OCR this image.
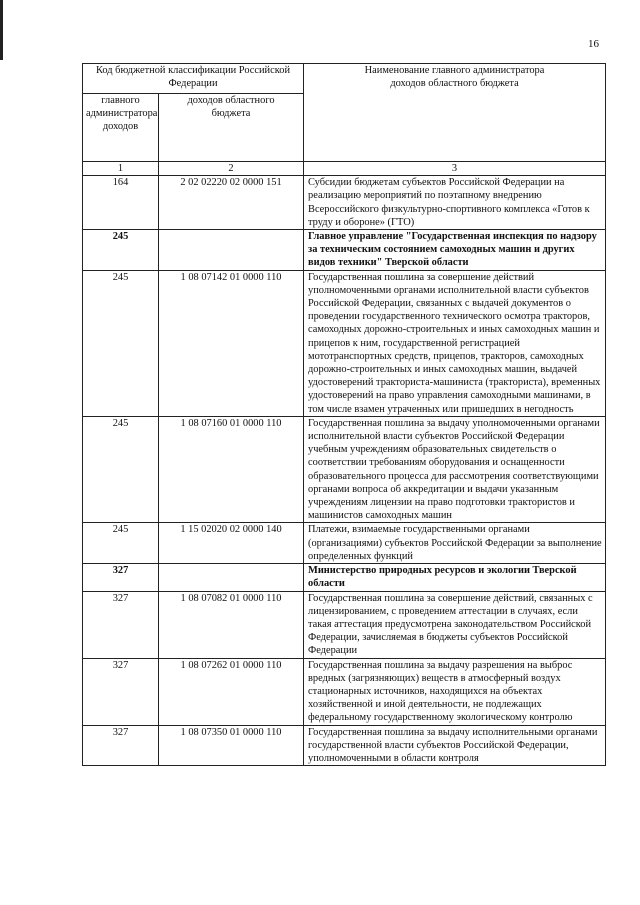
16
Код бюджетной классификации Российской Федерации		Наименование главного администратора доходов областного бюджета
главного администратора доходов	доходов областного бюджета	
1	2	3
164	2 02 02220 02 0000 151	Субсидии бюджетам субъектов Российской Федерации на реализацию мероприятий по поэтапному внедрению Всероссийского физкультурно-спортивного комплекса «Готов к труду и обороне» (ГТО)
245		Главное управление "Государственная инспекция по надзору за техническим состоянием самоходных машин и других видов техники" Тверской области
245	1 08 07142 01 0000 110	Государственная пошлина за совершение действий уполномоченными органами исполнительной власти субъектов Российской Федерации, связанных с выдачей документов о проведении государственного технического осмотра тракторов, самоходных дорожно-строительных и иных самоходных машин и прицепов к ним, государственной регистрацией мототранспортных средств, прицепов, тракторов, самоходных дорожно-строительных и иных самоходных машин, выдачей удостоверений тракториста-машиниста (тракториста), временных удостоверений на право управления самоходными машинами, в том числе взамен утраченных или пришедших в негодность
245	1 08 07160 01 0000 110	Государственная пошлина за выдачу уполномоченными органами исполнительной власти субъектов Российской Федерации учебным учреждениям образовательных свидетельств о соответствии требованиям оборудования и оснащенности образовательного процесса для рассмотрения соответствующими органами вопроса об аккредитации и выдачи указанным учреждениям лицензии на право подготовки трактористов и машинистов самоходных машин
245	1 15 02020 02 0000 140	Платежи, взимаемые государственными органами (организациями) субъектов Российской Федерации за выполнение определенных функций
327		Министерство природных ресурсов и экологии Тверской области
327	1 08 07082 01 0000 110	Государственная пошлина за совершение действий, связанных с лицензированием, с проведением аттестации в случаях, если такая аттестация предусмотрена законодательством Российской Федерации, зачисляемая в бюджеты субъектов Российской Федерации
327	1 08 07262 01 0000 110	Государственная пошлина за выдачу разрешения на выброс вредных (загрязняющих) веществ в атмосферный воздух стационарных источников, находящихся на объектах хозяйственной и иной деятельности, не подлежащих федеральному государственному экологическому контролю
327	1 08 07350 01 0000 110	Государственная пошлина за выдачу исполнительными органами государственной власти субъектов Российской Федерации, уполномоченными в области контроля
